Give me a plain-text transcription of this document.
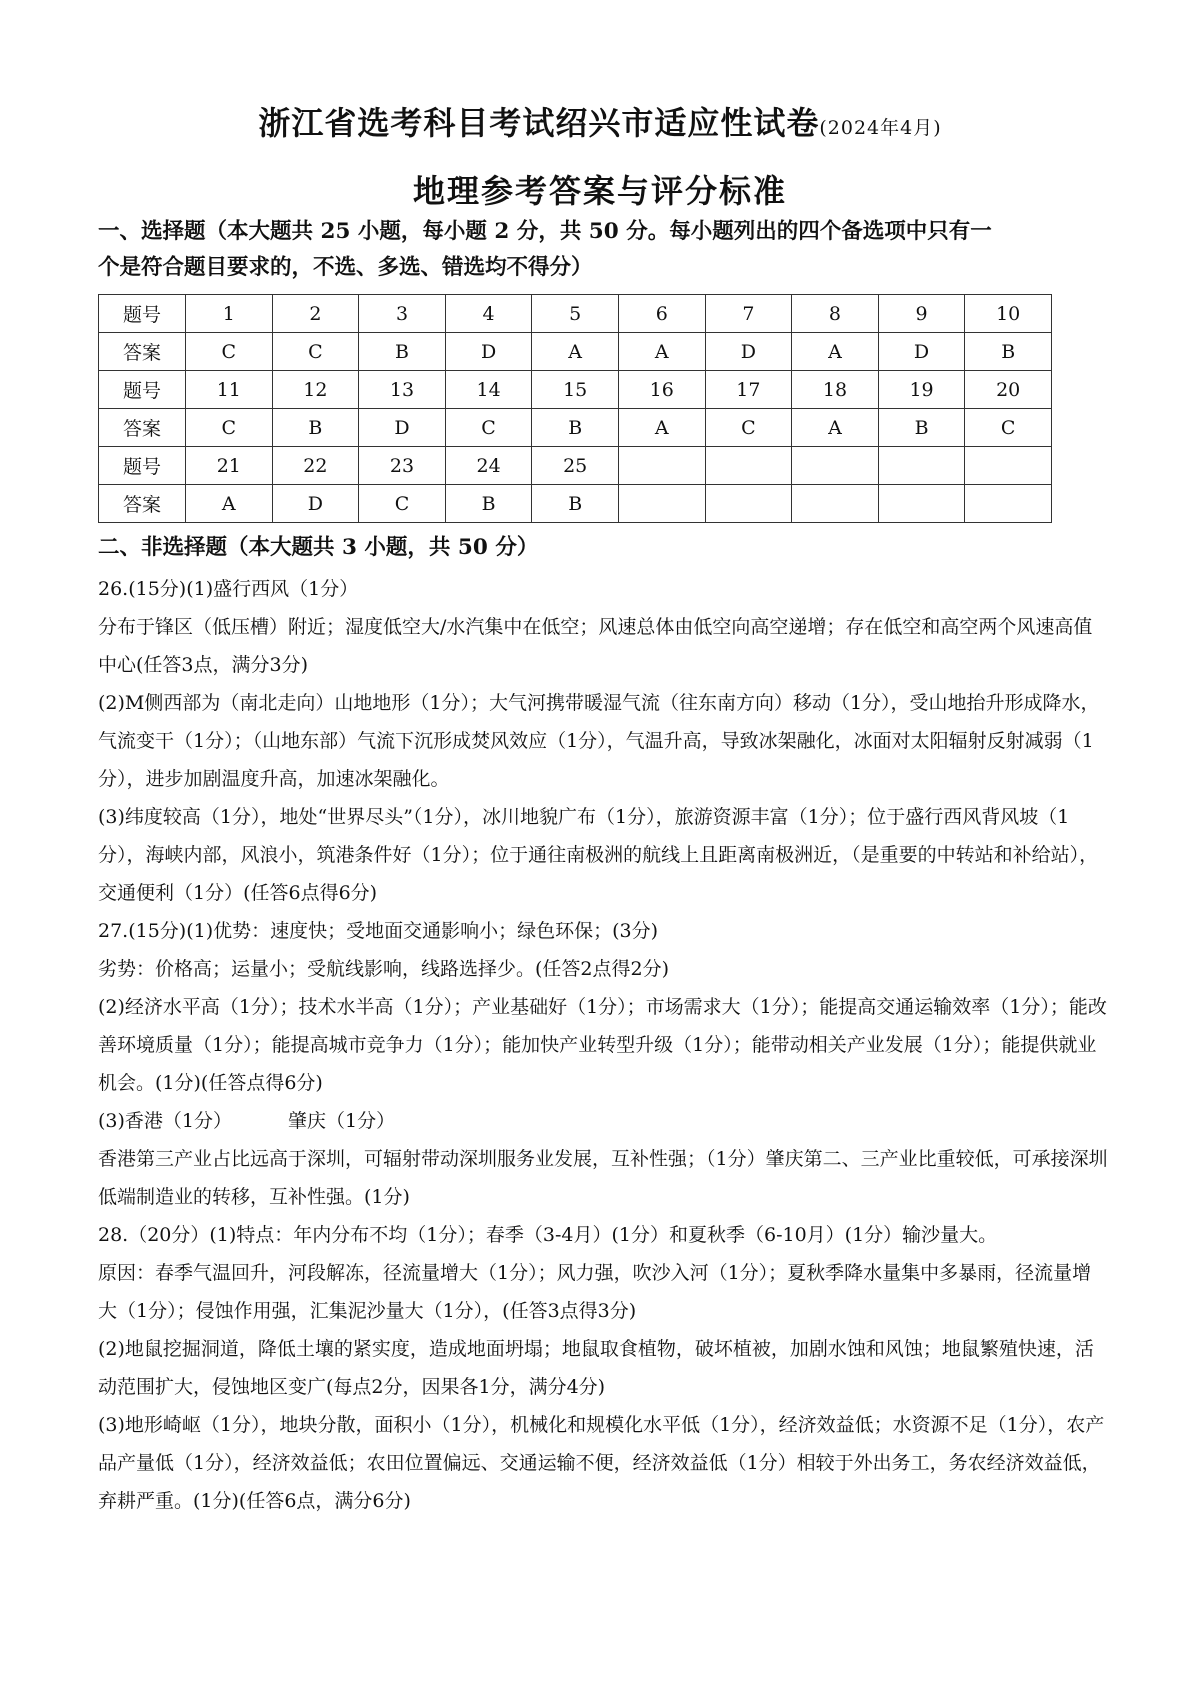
浙江省选考科目考试绍兴市适应性试卷(2024年4月)
地理参考答案与评分标准
一、选择题（本大题共 25 小题，每小题 2 分，共 50 分。每小题列出的四个备选项中只有一
个是符合题目要求的，不选、多选、错选均不得分）
题号	1	2	3	4	5	6	7	8	9	10
答案	C	C	B	D	A	A	D	A	D	B
题号	11	12	13	14	15	16	17	18	19	20
答案	C	B	D	C	B	A	C	A	B	C
题号	21	22	23	24	25					
答案	A	D	C	B	B					
二、非选择题（本大题共 3 小题，共 50 分）

26.(15分)(1)盛行西风（1分）

分布于锋区（低压槽）附近；湿度低空大/水汽集中在低空；风速总体由低空向高空递增；存在低空和高空两个风速高值中心(任答3点，满分3分)

(2)M侧西部为（南北走向）山地地形（1分）；大气河携带暖湿气流（往东南方向）移动（1分），受山地抬升形成降水，气流变干（1分）；（山地东部）气流下沉形成焚风效应（1分），气温升高，导致冰架融化，冰面对太阳辐射反射减弱（1分），进步加剧温度升高，加速冰架融化。

(3)纬度较高（1分），地处“世界尽头”（1分），冰川地貌广布（1分），旅游资源丰富（1分）；位于盛行西风背风坡（1分），海峡内部，风浪小，筑港条件好（1分）；位于通往南极洲的航线上且距离南极洲近，（是重要的中转站和补给站），交通便利（1分）(任答6点得6分)

27.(15分)(1)优势：速度快；受地面交通影响小；绿色环保；(3分)

劣势：价格高；运量小；受航线影响，线路选择少。(任答2点得2分)

(2)经济水平高（1分）；技术水半高（1分）；产业基础好（1分）；市场需求大（1分）；能提高交通运输效率（1分）；能改善环境质量（1分）；能提高城市竞争力（1分）；能加快产业转型升级（1分）；能带动相关产业发展（1分）；能提供就业机会。(1分)(任答点得6分)

(3)香港（1分）	肇庆（1分）

香港第三产业占比远高于深圳，可辐射带动深圳服务业发展，互补性强；（1分）肇庆第二、三产业比重较低，可承接深圳低端制造业的转移，互补性强。(1分)

28.（20分）(1)特点：年内分布不均（1分）；春季（3-4月）(1分）和夏秋季（6-10月）(1分）输沙量大。

原因：春季气温回升，河段解冻，径流量增大（1分）；风力强，吹沙入河（1分）；夏秋季降水量集中多暴雨，径流量增大（1分）；侵蚀作用强，汇集泥沙量大（1分），(任答3点得3分)

(2)地鼠挖掘洞道，降低土壤的紧实度，造成地面坍塌；地鼠取食植物，破坏植被，加剧水蚀和风蚀；地鼠繁殖快速，活动范围扩大，侵蚀地区变广(每点2分，因果各1分，满分4分)

(3)地形崎岖（1分），地块分散，面积小（1分），机械化和规模化水平低（1分），经济效益低；水资源不足（1分），农产品产量低（1分），经济效益低；农田位置偏远、交通运输不便，经济效益低（1分）相较于外出务工，务农经济效益低，弃耕严重。(1分)(任答6点，满分6分)
